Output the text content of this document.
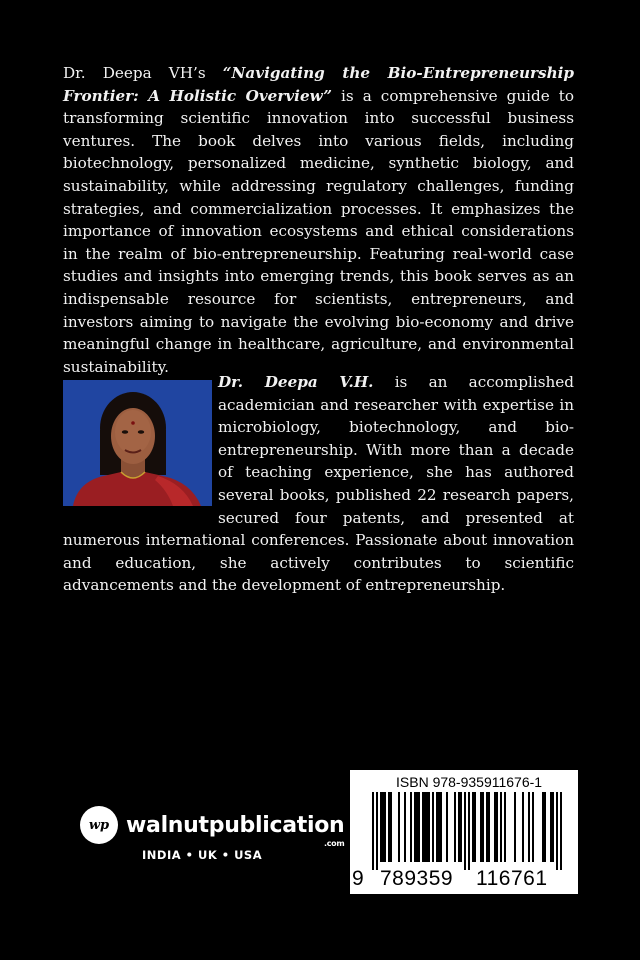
Dr. Deepa VH’s “Navigating the Bio-Entrepreneurship Frontier: A Holistic Overview” is a comprehensive guide to transforming scientific innovation into successful business ventures. The book delves into various fields, including biotechnology, personalized medicine, synthetic biology, and sustainability, while addressing regulatory challenges, funding strategies, and commercialization processes. It emphasizes the importance of innovation ecosystems and ethical considerations in the realm of bio-entrepreneurship. Featuring real-world case studies and insights into emerging trends, this book serves as an indispensable resource for scientists, entrepreneurs, and investors aiming to navigate the evolving bio-economy and drive meaningful change in healthcare, agriculture, and environmental sustainability.

Dr. Deepa V.H. is an accomplished academician and researcher with expertise in microbiology, biotechnology, and bio-entrepreneurship. With more than a decade of teaching experience, she has authored several books, published 22 research papers, secured four patents, and presented at numerous international conferences. Passionate about innovation and education, she actively contributes to scientific advancements and the development of entrepreneurship.

wp walnutpublication
.com
INDIA • UK • USA
ISBN 978-935911676-1
9 789359 116761
